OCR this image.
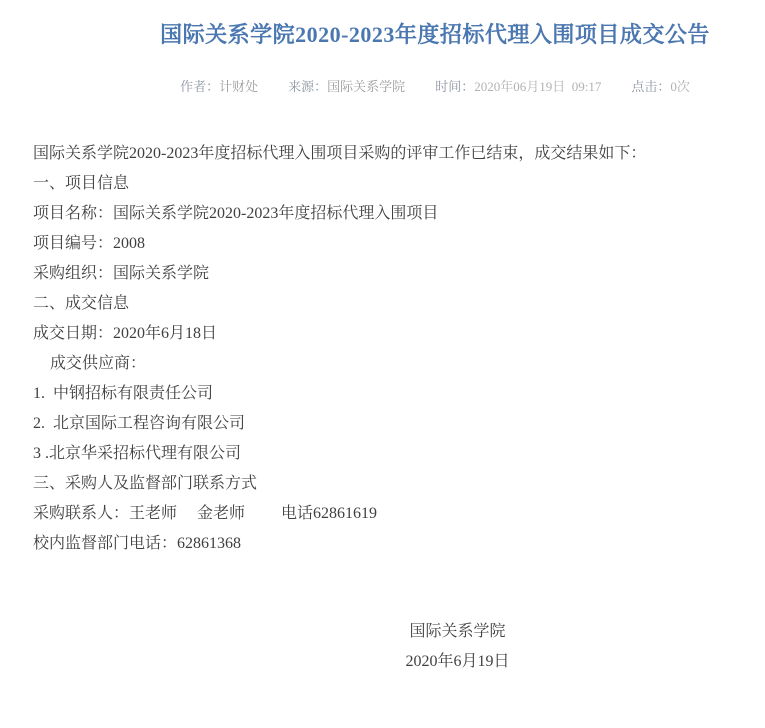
国际关系学院2020-2023年度招标代理入围项目成交公告
作者：计财处 来源：国际关系学院 时间：2020年06月19日  09:17 点击：0次
国际关系学院2020-2023年度招标代理入围项目采购的评审工作已结束，成交结果如下：
一、项目信息
项目名称：国际关系学院2020-2023年度招标代理入围项目
项目编号：2008
采购组织：国际关系学院
二、成交信息
成交日期：2020年6月18日
成交供应商：
1.  中钢招标有限责任公司
2.  北京国际工程咨询有限公司
3 .北京华采招标代理有限公司
三、采购人及监督部门联系方式
采购联系人：王老师　 金老师　　 电话62861619
校内监督部门电话：62861368
国际关系学院
2020年6月19日
